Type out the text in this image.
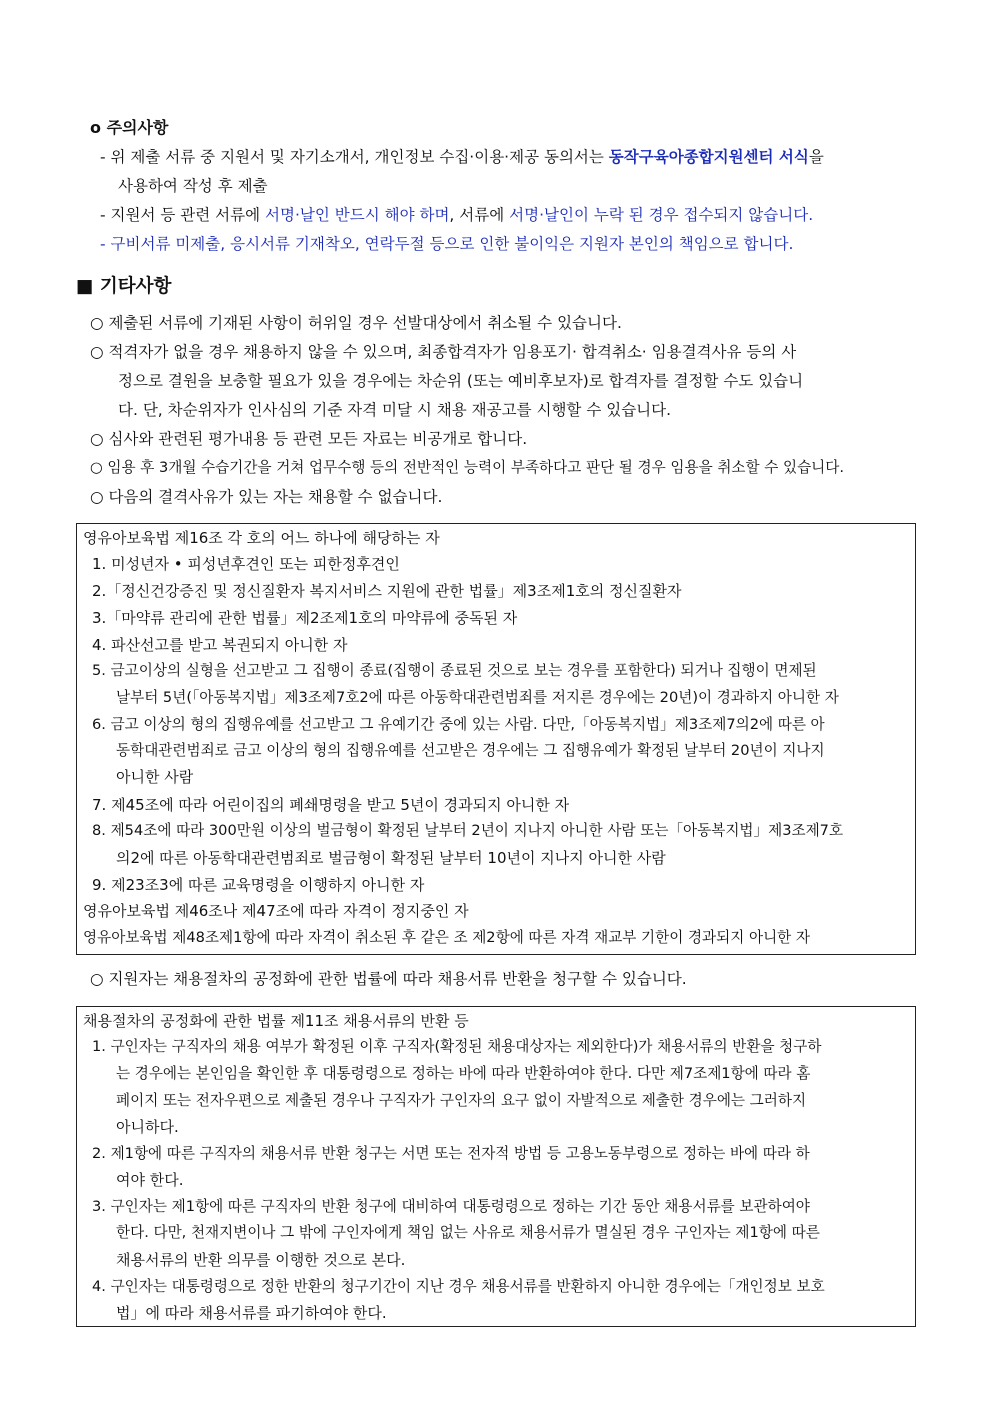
o 주의사항
- 위 제출 서류 중 지원서 및 자기소개서, 개인정보 수집·이용·제공 동의서는 동작구육아종합지원센터 서식을
사용하여 작성 후 제출
- 지원서 등 관련 서류에 서명·날인 반드시 해야 하며, 서류에 서명·날인이 누락 된 경우 접수되지 않습니다.
- 구비서류 미제출, 응시서류 기재착오, 연락두절 등으로 인한 불이익은 지원자 본인의 책임으로 합니다.
■ 기타사항
○ 제출된 서류에 기재된 사항이 허위일 경우 선발대상에서 취소될 수 있습니다.
○ 적격자가 없을 경우 채용하지 않을 수 있으며, 최종합격자가 임용포기· 합격취소· 임용결격사유 등의 사
정으로 결원을 보충할 필요가 있을 경우에는 차순위 (또는 예비후보자)로 합격자를 결정할 수도 있습니
다. 단, 차순위자가 인사심의 기준 자격 미달 시 채용 재공고를 시행할 수 있습니다.
○ 심사와 관련된 평가내용 등 관련 모든 자료는 비공개로 합니다.
○ 임용 후 3개월 수습기간을 거쳐 업무수행 등의 전반적인 능력이 부족하다고 판단 될 경우 임용을 취소할 수 있습니다.
○ 다음의 결격사유가 있는 자는 채용할 수 없습니다.
영유아보육법 제16조 각 호의 어느 하나에 해당하는 자
1. 미성년자 • 피성년후견인 또는 피한정후견인
2.「정신건강증진 및 정신질환자 복지서비스 지원에 관한 법률」제3조제1호의 정신질환자
3.「마약류 관리에 관한 법률」제2조제1호의 마약류에 중독된 자
4. 파산선고를 받고 복권되지 아니한 자
5. 금고이상의 실형을 선고받고 그 집행이 종료(집행이 종료된 것으로 보는 경우를 포함한다) 되거나 집행이 면제된
날부터 5년(「아동복지법」제3조제7호2에 따른 아동학대관련범죄를 저지른 경우에는 20년)이 경과하지 아니한 자
6. 금고 이상의 형의 집행유예를 선고받고 그 유예기간 중에 있는 사람. 다만,「아동복지법」제3조제7의2에 따른 아
동학대관련범죄로 금고 이상의 형의 집행유예를 선고받은 경우에는 그 집행유예가 확정된 날부터 20년이 지나지
아니한 사람
7. 제45조에 따라 어린이집의 폐쇄명령을 받고 5년이 경과되지 아니한 자
8. 제54조에 따라 300만원 이상의 벌금형이 확정된 날부터 2년이 지나지 아니한 사람 또는「아동복지법」제3조제7호
의2에 따른 아동학대관련범죄로 벌금형이 확정된 날부터 10년이 지나지 아니한 사람
9. 제23조3에 따른 교육명령을 이행하지 아니한 자
영유아보육법 제46조나 제47조에 따라 자격이 정지중인 자
영유아보육법 제48조제1항에 따라 자격이 취소된 후 같은 조 제2항에 따른 자격 재교부 기한이 경과되지 아니한 자
○ 지원자는 채용절차의 공정화에 관한 법률에 따라 채용서류 반환을 청구할 수 있습니다.
채용절차의 공정화에 관한 법률 제11조 채용서류의 반환 등
1. 구인자는 구직자의 채용 여부가 확정된 이후 구직자(확정된 채용대상자는 제외한다)가 채용서류의 반환을 청구하
는 경우에는 본인임을 확인한 후 대통령령으로 정하는 바에 따라 반환하여야 한다. 다만 제7조제1항에 따라 홈
페이지 또는 전자우편으로 제출된 경우나 구직자가 구인자의 요구 없이 자발적으로 제출한 경우에는 그러하지
아니하다.
2. 제1항에 따른 구직자의 채용서류 반환 청구는 서면 또는 전자적 방법 등 고용노동부령으로 정하는 바에 따라 하
여야 한다.
3. 구인자는 제1항에 따른 구직자의 반환 청구에 대비하여 대통령령으로 정하는 기간 동안 채용서류를 보관하여야
한다. 다만, 천재지변이나 그 밖에 구인자에게 책임 없는 사유로 채용서류가 멸실된 경우 구인자는 제1항에 따른
채용서류의 반환 의무를 이행한 것으로 본다.
4. 구인자는 대통령령으로 정한 반환의 청구기간이 지난 경우 채용서류를 반환하지 아니한 경우에는「개인정보 보호
법」에 따라 채용서류를 파기하여야 한다.
